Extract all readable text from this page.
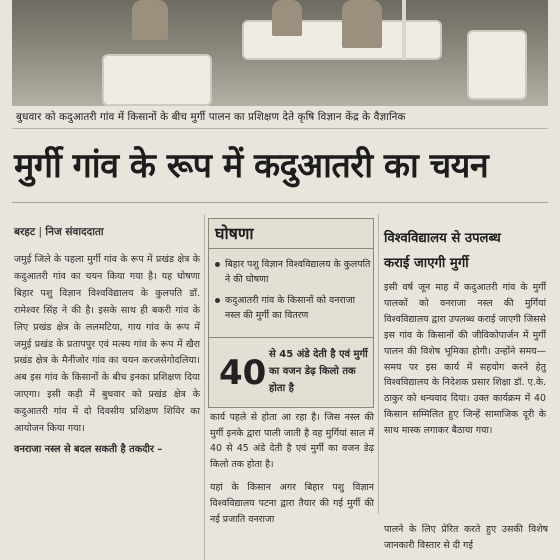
बुधवार को कदुआतरी गांव में किसानों के बीच मुर्गी पालन का प्रशिक्षण देते कृषि विज्ञान केंद्र के वैज्ञानिक
मुर्गी गांव के रूप में कदुआतरी का चयन
बरहट | निज संवाददाता

जमुई जिले के पहला मुर्गी गांव के रूप में प्रखंड क्षेत्र के कदुआतरी गांव का चयन किया गया है। यह घोषणा बिहार पशु विज्ञान विश्वविद्यालय के कुलपति डॉ. रामेश्वर सिंह ने की है। इसके साथ ही बकरी गांव के लिए प्रखंड क्षेत्र के ललमटिया, गाय गांव के रूप में जमुई प्रखंड के प्रतापपुर एवं मत्स्य गांव के रूप में खैरा प्रखंड क्षेत्र के मैनीजोर गांव का चयन करजसेगोदलिया। अब इस गांव के किसानों के बीच इनका प्रशिक्षण दिया जाएगा। इसी कड़ी में बुधवार को प्रखंड क्षेत्र के कदुआतरी गांव में दो दिवसीय प्रशिक्षण शिविर का आयोजन किया गया।

वनराजा नस्ल से बदल सकती है तकदीर –

घोषणा
बिहार पशु विज्ञान विश्वविद्यालय के कुलपति ने की घोषणा
कदुआतरी गांव के किसानों को वनराजा नस्ल की मुर्गी का वितरण
40 से 45 अंडे देती है एवं मुर्गी का वजन डेढ़ किलो तक होता है

कार्य पहले से होता आ रहा है। जिस नस्ल की मुर्गी इनके द्वारा पाली जाती है वह मुर्गियां साल में 40 से 45 अंडे देती है एवं मुर्गी का वजन डेढ़ किलो तक होता है।

यहां के किसान अगर बिहार पशु विज्ञान विश्वविद्यालय पटना द्वारा तैयार की गई मुर्गी की नई प्रजाति वनराजा

विश्वविद्यालय से उपलब्ध
कराई जाएगी मुर्गी
इसी वर्ष जून माह में कदुआतरी गांव के मुर्गी पालकों को वनराजा नस्ल की मुर्गियां विश्वविद्यालय द्वारा उपलब्ध कराई जाएगी जिससे इस गांव के किसानों की जीविकोपार्जन में मुर्गी पालन की विशेष भूमिका होगी। उन्होंने समय—समय पर इस कार्य में सहयोग करने हेतु विश्वविद्यालय के निदेशक प्रसार शिक्षा डॉ. ए.के. ठाकुर को धन्यवाद दिया। उक्त कार्यक्रम में 40 किसान सम्मिलित हुए जिन्हें सामाजिक दूरी के साथ मास्क लगाकर बैठाया गया।
पालने के लिए प्रेरित करते हुए उसकी विशेष जानकारी विस्तार से दी गई
